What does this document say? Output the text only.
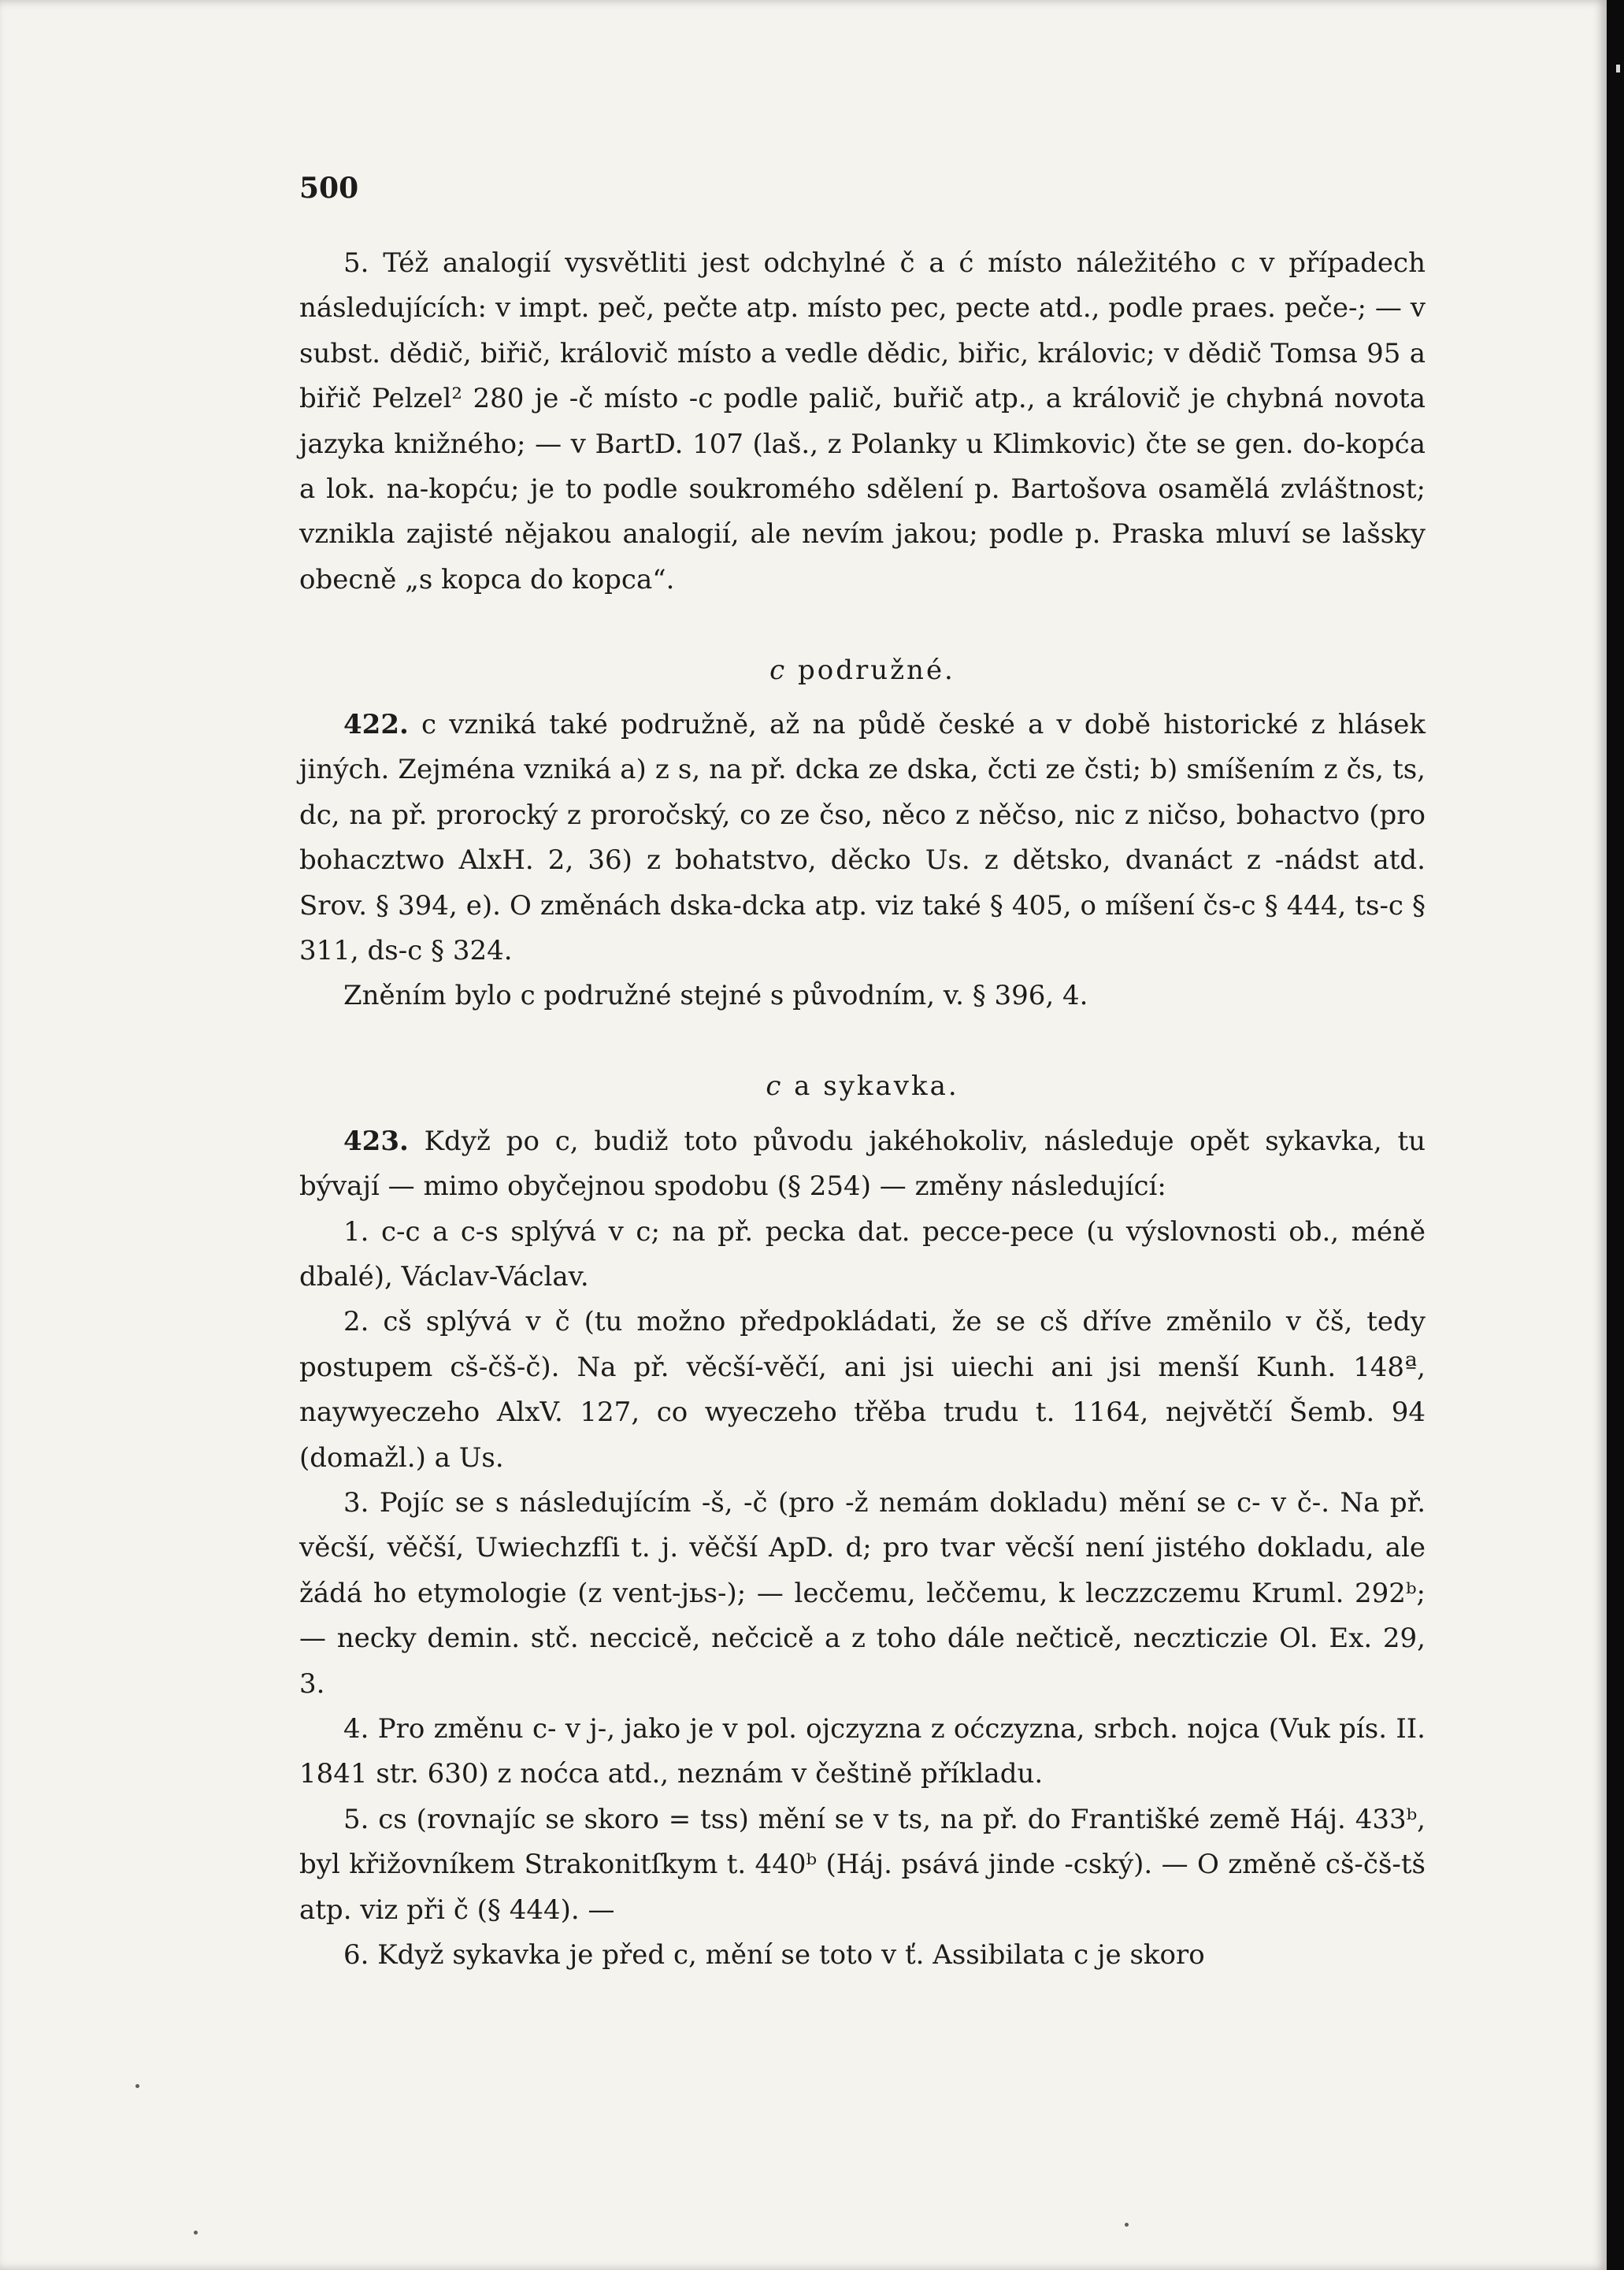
500

5. Též analogií vysvětliti jest odchylné č a ć místo náležitého c v případech následujících: v impt. peč, pečte atp. místo pec, pecte atd., podle praes. peče-; — v subst. dědič, biřič, královič místo a vedle dědic, biřic, královic; v dědič Tomsa 95 a biřič Pelzel² 280 je -č místo -c podle palič, buřič atp., a královič je chybná novota jazyka knižného; — v BartD. 107 (laš., z Polanky u Klimkovic) čte se gen. do-kopća a lok. na-kopću; je to podle soukromého sdělení p. Bartošova osamělá zvláštnost; vznikla zajisté nějakou analogií, ale nevím jakou; podle p. Praska mluví se lašsky obecně „s kopca do kopca“.

c podružné.

422. c vzniká také podružně, až na půdě české a v době historické z hlásek jiných. Zejména vzniká a) z s, na př. dcka ze dska, čcti ze čsti; b) smíšením z čs, ts, dc, na př. prorocký z proročský, co ze čso, něco z něčso, nic z ničso, bohactvo (pro bohacztwo AlxH. 2, 36) z bohatstvo, děcko Us. z dětsko, dvanáct z -nádst atd. Srov. § 394, e). O změnách dska-dcka atp. viz také § 405, o míšení čs-c § 444, ts-c § 311, ds-c § 324.

Zněním bylo c podružné stejné s původním, v. § 396, 4.

c a sykavka.

423. Když po c, budiž toto původu jakéhokoliv, následuje opět sykavka, tu bývají — mimo obyčejnou spodobu (§ 254) — změny následující:

1. c-c a c-s splývá v c; na př. pecka dat. pecce-pece (u výslovnosti ob., méně dbalé), Václav-Václav.

2. cš splývá v č (tu možno předpokládati, že se cš dříve změnilo v čš, tedy postupem cš-čš-č). Na př. věcší-věčí, ani jsi uiechi ani jsi menší Kunh. 148ª, naywyeczeho AlxV. 127, co wyeczeho třěba trudu t. 1164, největčí Šemb. 94 (domažl.) a Us.

3. Pojíc se s následujícím -š, -č (pro -ž nemám dokladu) mění se c- v č-. Na př. věcší, věčší, Uwiechzfſi t. j. věčší ApD. d; pro tvar věcší není jistého dokladu, ale žádá ho etymologie (z vent-jьs-); — lecčemu, leččemu, k leczzczemu Kruml. 292ᵇ; — necky demin. stč. neccicě, nečcicě a z toho dále nečticě, neczticzie Ol. Ex. 29, 3.

4. Pro změnu c- v j-, jako je v pol. ojczyzna z oćczyzna, srbch. nojca (Vuk pís. II. 1841 str. 630) z noćca atd., neznám v češtině příkladu.

5. cs (rovnajíc se skoro = tss) mění se v ts, na př. do Františké země Háj. 433ᵇ, byl křižovníkem Strakonitſkym t. 440ᵇ (Háj. psává jinde -cský). — O změně cš-čš-tš atp. viz při č (§ 444). —

6. Když sykavka je před c, mění se toto v ť. Assibilata c je skoro
